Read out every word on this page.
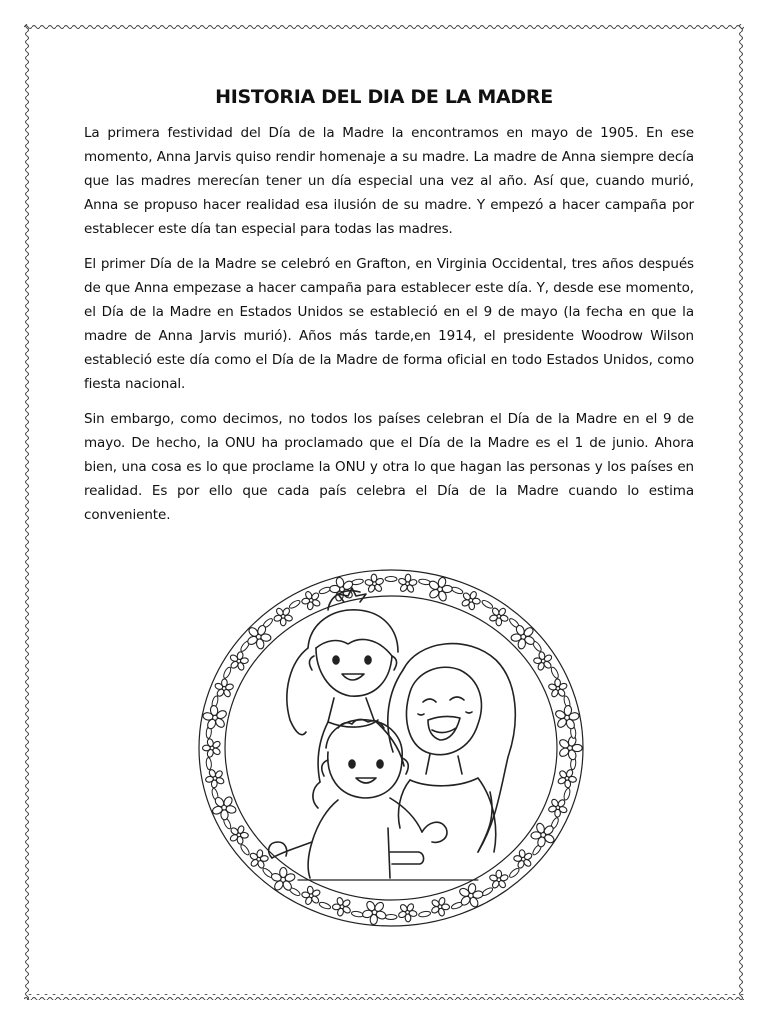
HISTORIA DEL DIA DE LA MADRE

La primera festividad del Día de la Madre la encontramos en mayo de 1905. En ese momento, Anna Jarvis quiso rendir homenaje a su madre. La madre de Anna siempre decía que las madres merecían tener un día especial una vez al año. Así que, cuando murió, Anna se propuso hacer realidad esa ilusión de su madre. Y empezó a hacer campaña por establecer este día tan especial para todas las madres.

El primer Día de la Madre se celebró en Grafton, en Virginia Occidental, tres años después de que Anna empezase a hacer campaña para establecer este día. Y, desde ese momento, el Día de la Madre en Estados Unidos se estableció en el 9 de mayo (la fecha en que la madre de Anna Jarvis murió). Años más tarde,en 1914, el presidente Woodrow Wilson estableció este día como el Día de la Madre de forma oficial en todo Estados Unidos, como fiesta nacional.

Sin embargo, como decimos, no todos los países celebran el Día de la Madre en el 9 de mayo. De hecho, la ONU ha proclamado que el Día de la Madre es el 1 de junio. Ahora bien, una cosa es lo que proclame la ONU y otra lo que hagan las personas y los países en realidad. Es por ello que cada país celebra el Día de la Madre cuando lo estima conveniente.
